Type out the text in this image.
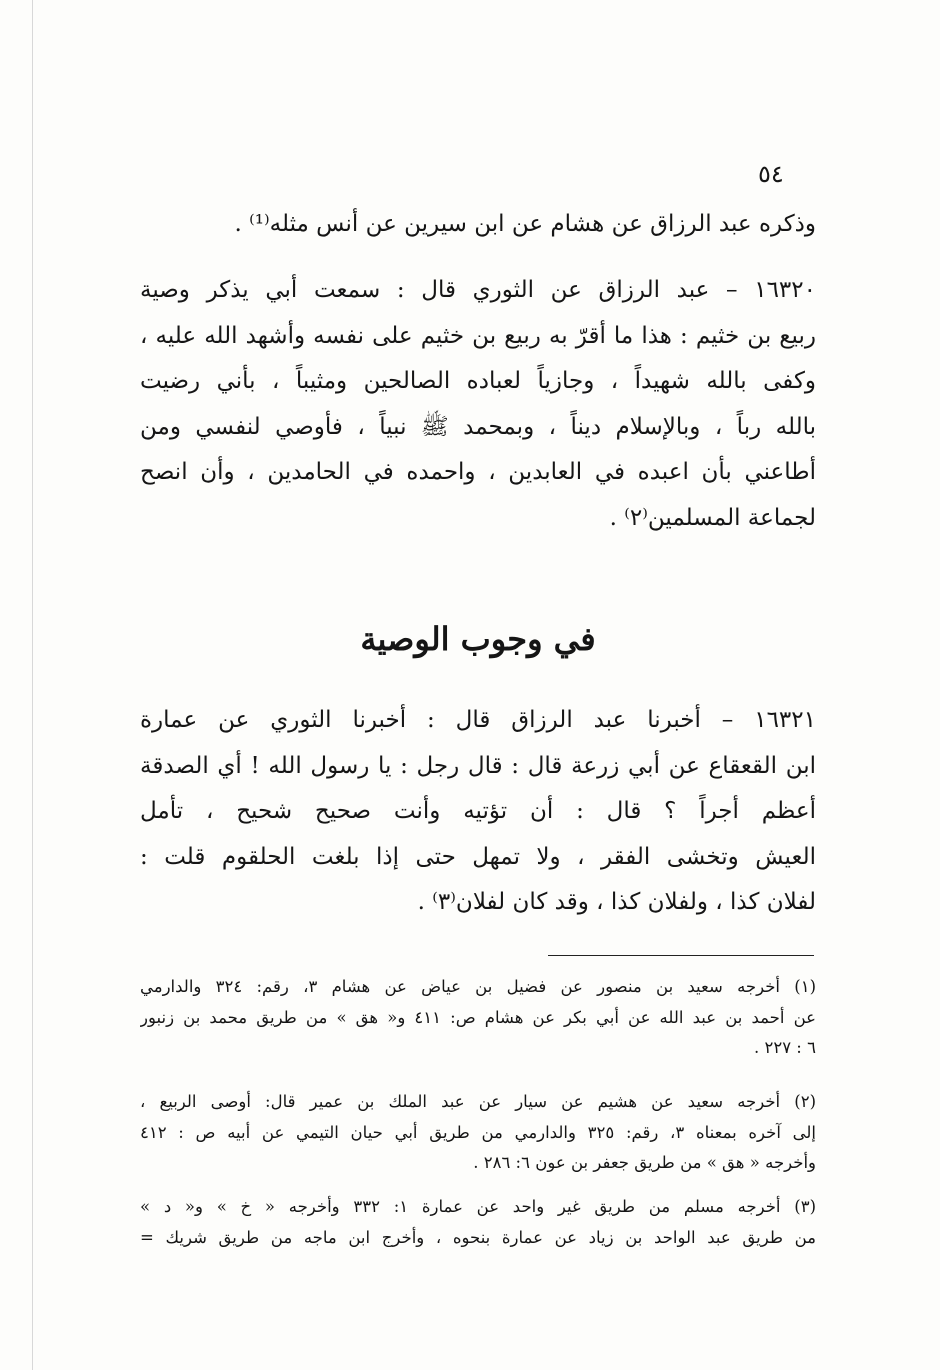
٥٤
وذكره عبد الرزاق عن هشام عن ابن سيرين عن أنس مثله⁽¹⁾ .
١٦٣٢٠ – عبد الرزاق عن الثوري قال : سمعت أبي يذكر وصية
ربيع بن خثيم : هذا ما أقرّ به ربيع بن خثيم على نفسه وأشهد الله عليه ،
وكفى بالله شهيداً ، وجازياً لعباده الصالحين ومثيباً ، بأني رضيت
بالله رباً ، وبالإسلام ديناً ، وبمحمد ﷺ نبياً ، فأوصي لنفسي ومن
أطاعني بأن اعبده في العابدين ، واحمده في الحامدين ، وأن انصح
لجماعة المسلمين⁽٢⁾ .
في وجوب الوصية
١٦٣٢١ – أخبرنا عبد الرزاق قال : أخبرنا الثوري عن عمارة
ابن القعقاع عن أبي زرعة قال : قال رجل : يا رسول الله ! أي الصدقة
أعظم أجراً ؟ قال : أن تؤتيه وأنت صحيح شحيح ، تأمل
العيش وتخشى الفقر ، ولا تمهل حتى إذا بلغت الحلقوم قلت :
لفلان كذا ، ولفلان كذا ، وقد كان لفلان⁽٣⁾ .
(١) أخرجه سعيد بن منصور عن فضيل بن عياض عن هشام ٣، رقم: ٣٢٤ والدارمي
عن أحمد بن عبد الله عن أبي بكر عن هشام ص: ٤١١ و« هق » من طريق محمد بن زنبور
٦ : ٢٢٧ .
(٢) أخرجه سعيد عن هشيم عن سيار عن عبد الملك بن عمير قال: أوصى الربيع ،
إلى آخره بمعناه ٣، رقم: ٣٢٥ والدارمي من طريق أبي حيان التيمي عن أبيه ص : ٤١٢
وأخرجه « هق » من طريق جعفر بن عون ٦: ٢٨٦ .
(٣) أخرجه مسلم من طريق غير واحد عن عمارة ١: ٣٣٢ وأخرجه « خ » و« د »
من طريق عبد الواحد بن زياد عن عمارة بنحوه ، وأخرج ابن ماجه من طريق شريك =
